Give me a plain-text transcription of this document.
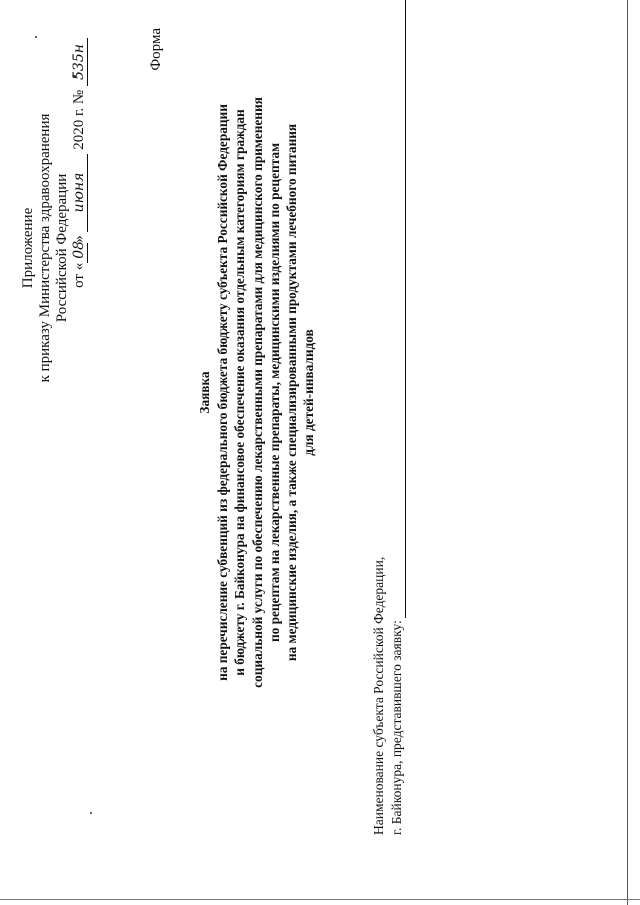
Приложение к приказу Министерства здравоохранения Российской Федерации от «08» июня 2020 г. № 535н	Форма
Заявка на перечисление субвенций из федерального бюджета бюджету субъекта Российской Федерации и бюджету г. Байконура на финансовое обеспечение оказания отдельным категориям граждан социальной услуги по обеспечению лекарственными препаратами для медицинского применения по рецептам на лекарственные препараты, медицинскими изделиями по рецептам на медицинские изделия, а также специализированными продуктами лечебного питания для детей-инвалидов
Наименование субъекта Российской Федерации, г. Байконура, представившего заявку:
